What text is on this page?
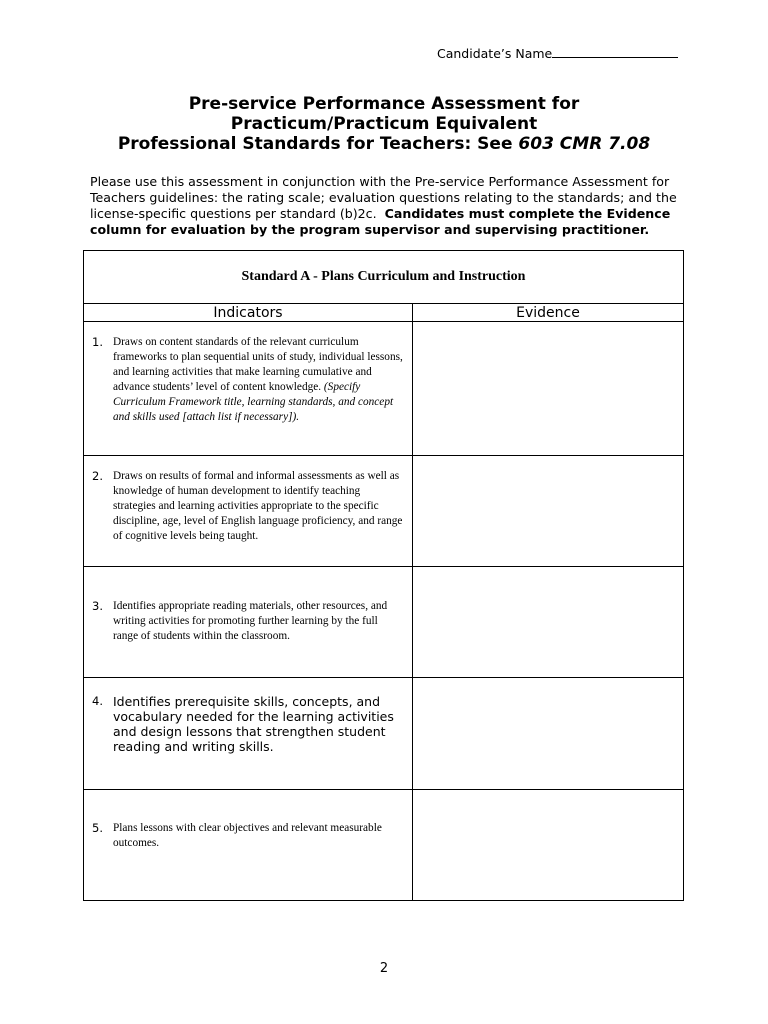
Candidate’s Name
Pre-service Performance Assessment for
Practicum/Practicum Equivalent
Professional Standards for Teachers: See 603 CMR 7.08
Please use this assessment in conjunction with the Pre-service Performance Assessment for Teachers guidelines: the rating scale; evaluation questions relating to the standards; and the license-specific questions per standard (b)2c. Candidates must complete the Evidence column for evaluation by the program supervisor and supervising practitioner.
Standard A - Plans Curriculum and Instruction	
Indicators	Evidence

1. Draws on content standards of the relevant curriculum frameworks to plan sequential units of study, individual lessons, and learning activities that make learning cumulative and advance students’ level of content knowledge. (Specify Curriculum Framework title, learning standards, and concept and skills used [attach list if necessary]).	

2. Draws on results of formal and informal assessments as well as knowledge of human development to identify teaching strategies and learning activities appropriate to the specific discipline, age, level of English language proficiency, and range of cognitive levels being taught.	

3. Identifies appropriate reading materials, other resources, and writing activities for promoting further learning by the full range of students within the classroom.	

4. Identifies prerequisite skills, concepts, and vocabulary needed for the learning activities and design lessons that strengthen student reading and writing skills.	

5. Plans lessons with clear objectives and relevant measurable outcomes.	

2
